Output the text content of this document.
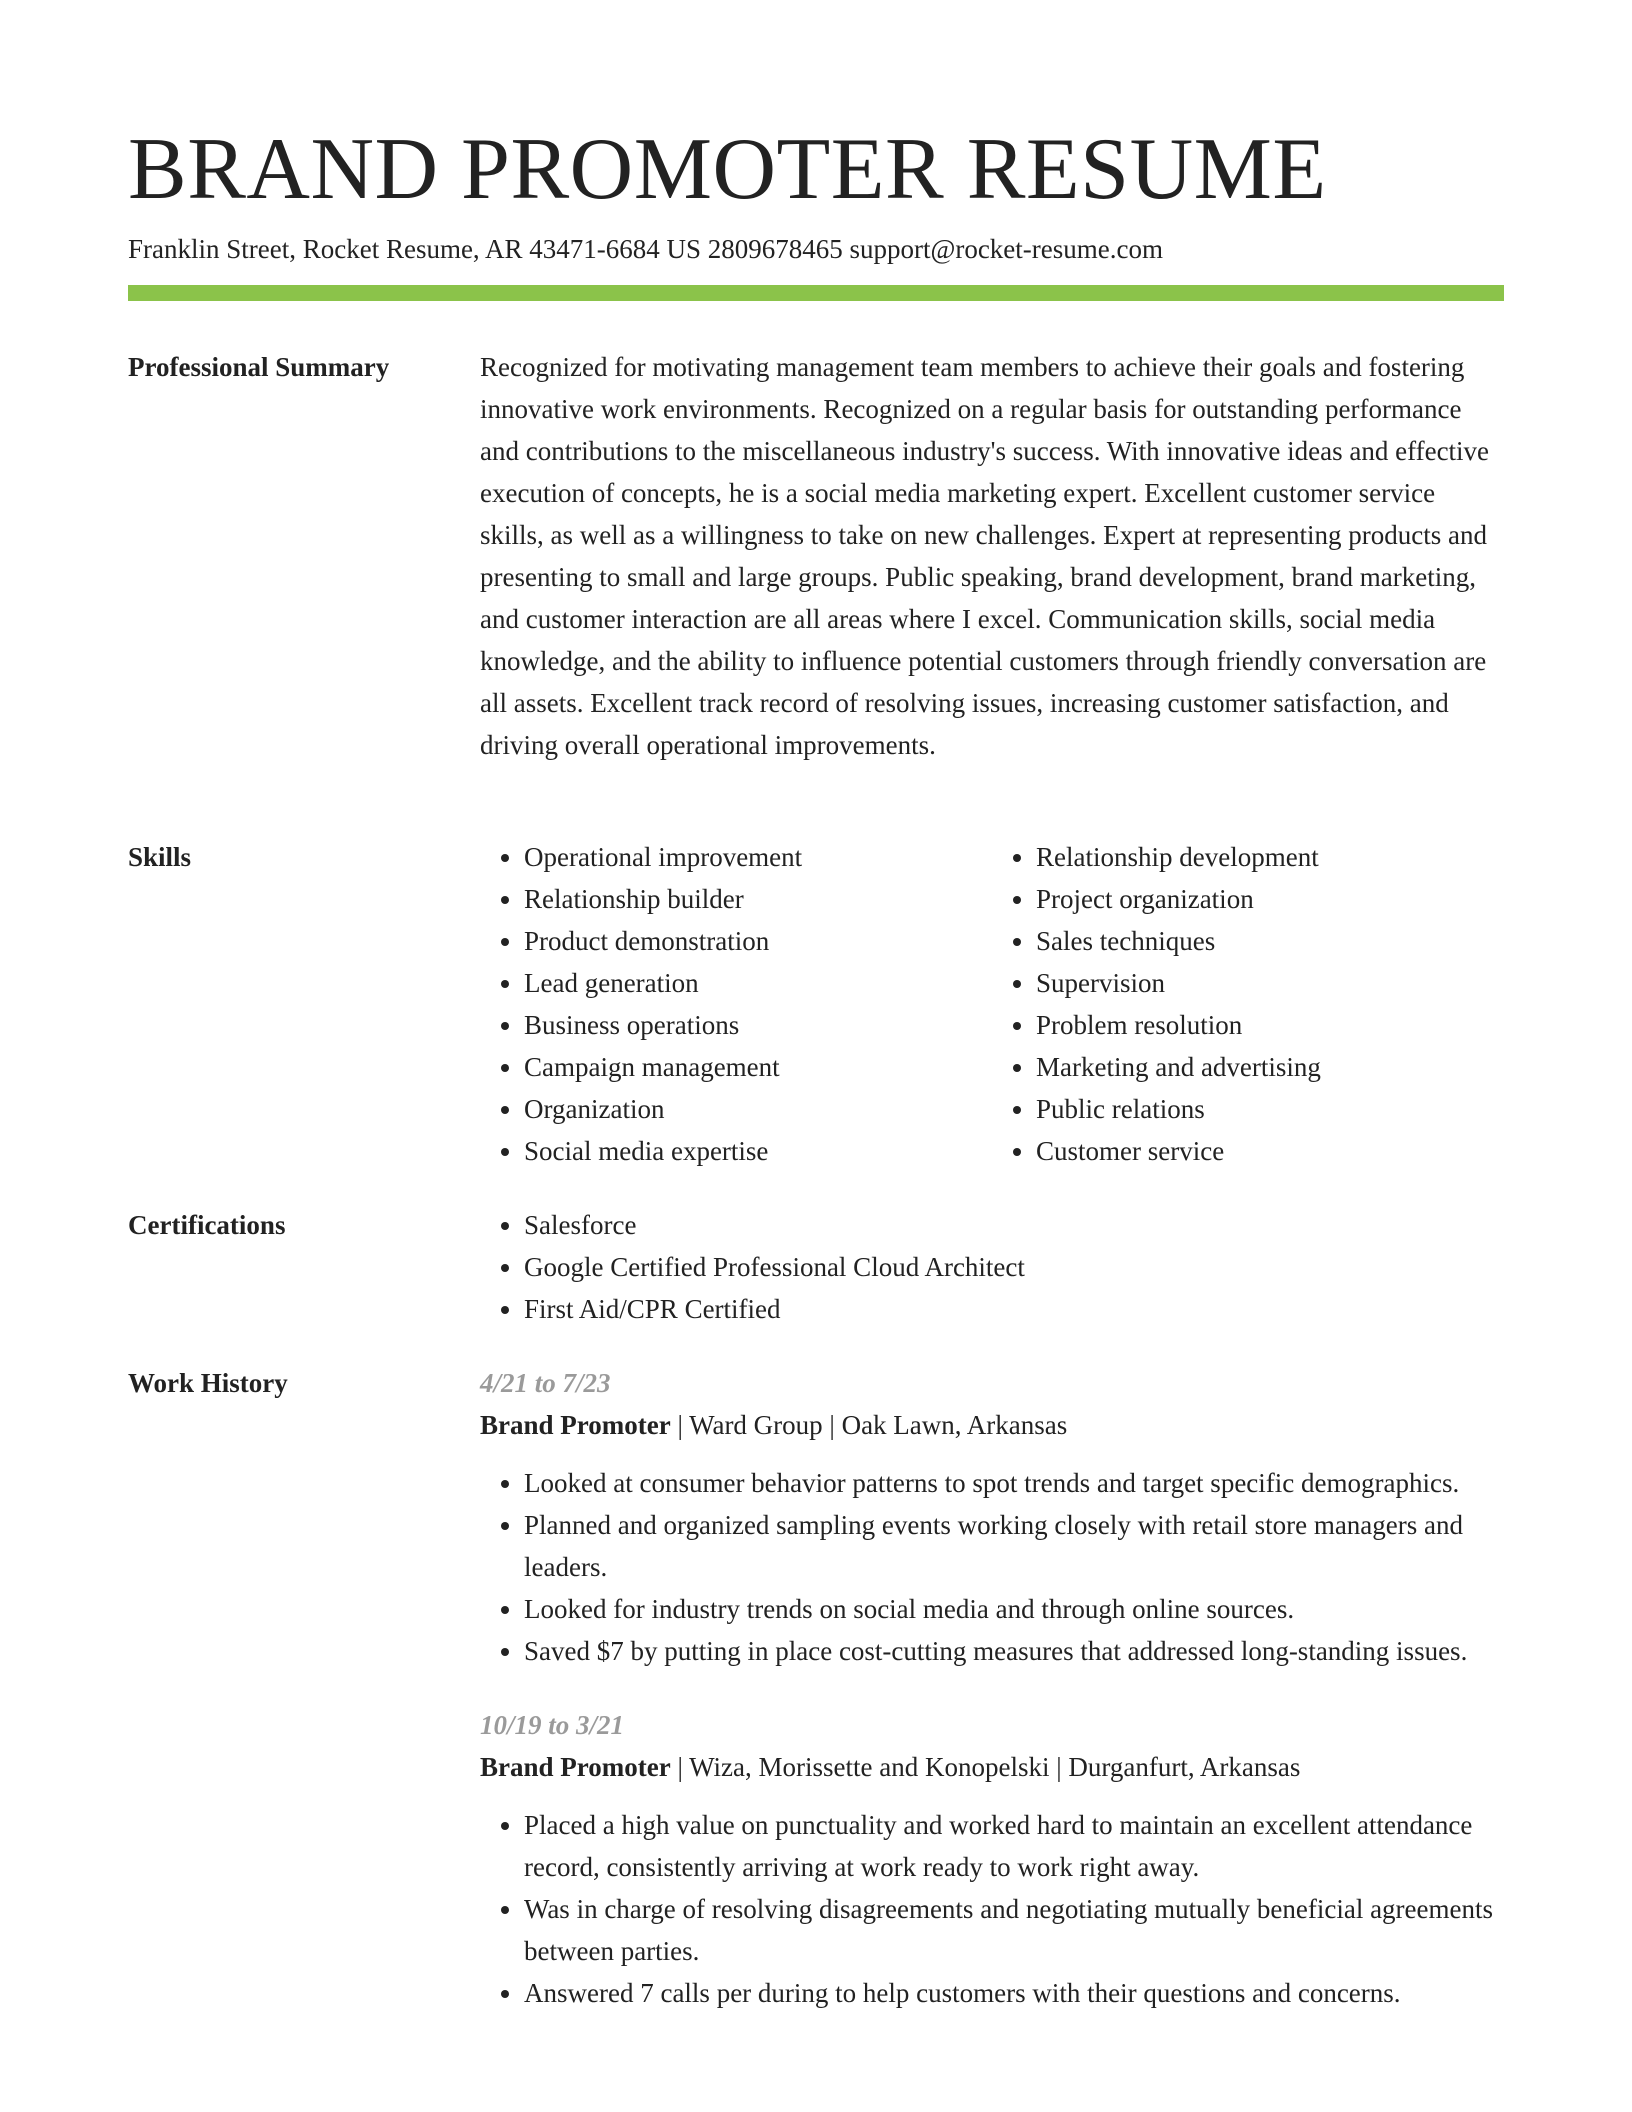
BRAND PROMOTER RESUME
Franklin Street, Rocket Resume, AR 43471-6684 US 2809678465 support@rocket-resume.com
Professional Summary	Recognized for motivating management team members to achieve their goals and fostering innovative work environments. Recognized on a regular basis for outstanding performance and contributions to the miscellaneous industry's success. With innovative ideas and effective execution of concepts, he is a social media marketing expert. Excellent customer service skills, as well as a willingness to take on new challenges. Expert at representing products and presenting to small and large groups. Public speaking, brand development, brand marketing, and customer interaction are all areas where I excel. Communication skills, social media knowledge, and the ability to influence potential customers through friendly conversation are all assets. Excellent track record of resolving issues, increasing customer satisfaction, and driving overall operational improvements.

Skills	• Operational improvement
• Relationship builder
• Product demonstration
• Lead generation
• Business operations
• Campaign management
• Organization
• Social media expertise
• Relationship development
• Project organization
• Sales techniques
• Supervision
• Problem resolution
• Marketing and advertising
• Public relations
• Customer service
Certifications	• Salesforce
• Google Certified Professional Cloud Architect
• First Aid/CPR Certified
Work History	4/21 to 7/23
Brand Promoter | Ward Group | Oak Lawn, Arkansas
• Looked at consumer behavior patterns to spot trends and target specific demographics.
• Planned and organized sampling events working closely with retail store managers and leaders.
• Looked for industry trends on social media and through online sources.
• Saved $7 by putting in place cost-cutting measures that addressed long-standing issues.
10/19 to 3/21
Brand Promoter | Wiza, Morissette and Konopelski | Durganfurt, Arkansas
• Placed a high value on punctuality and worked hard to maintain an excellent attendance record, consistently arriving at work ready to work right away.
• Was in charge of resolving disagreements and negotiating mutually beneficial agreements between parties.
• Answered 7 calls per during to help customers with their questions and concerns.
